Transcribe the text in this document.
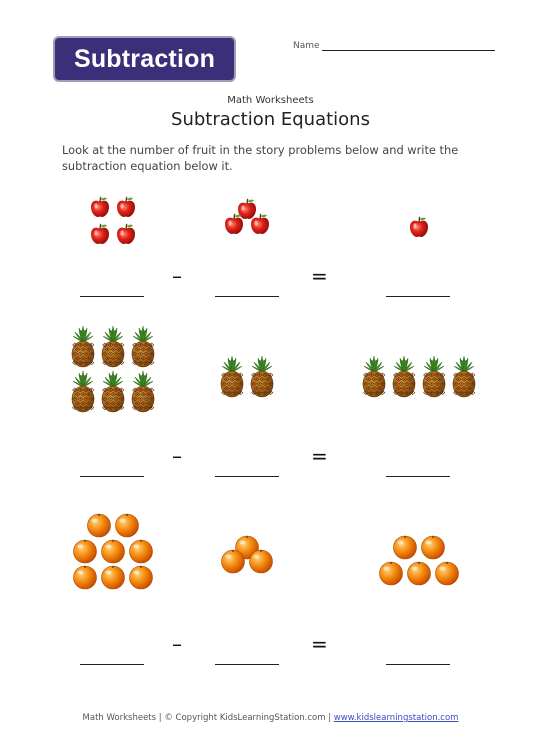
Subtraction	Name
Math Worksheets
Subtraction Equations
Look at the number of fruit in the story problems below and write the subtraction equation below it.
–	=
–	=
–	=
Math Worksheets | © Copyright KidsLearningStation.com | www.kidslearningstation.com
